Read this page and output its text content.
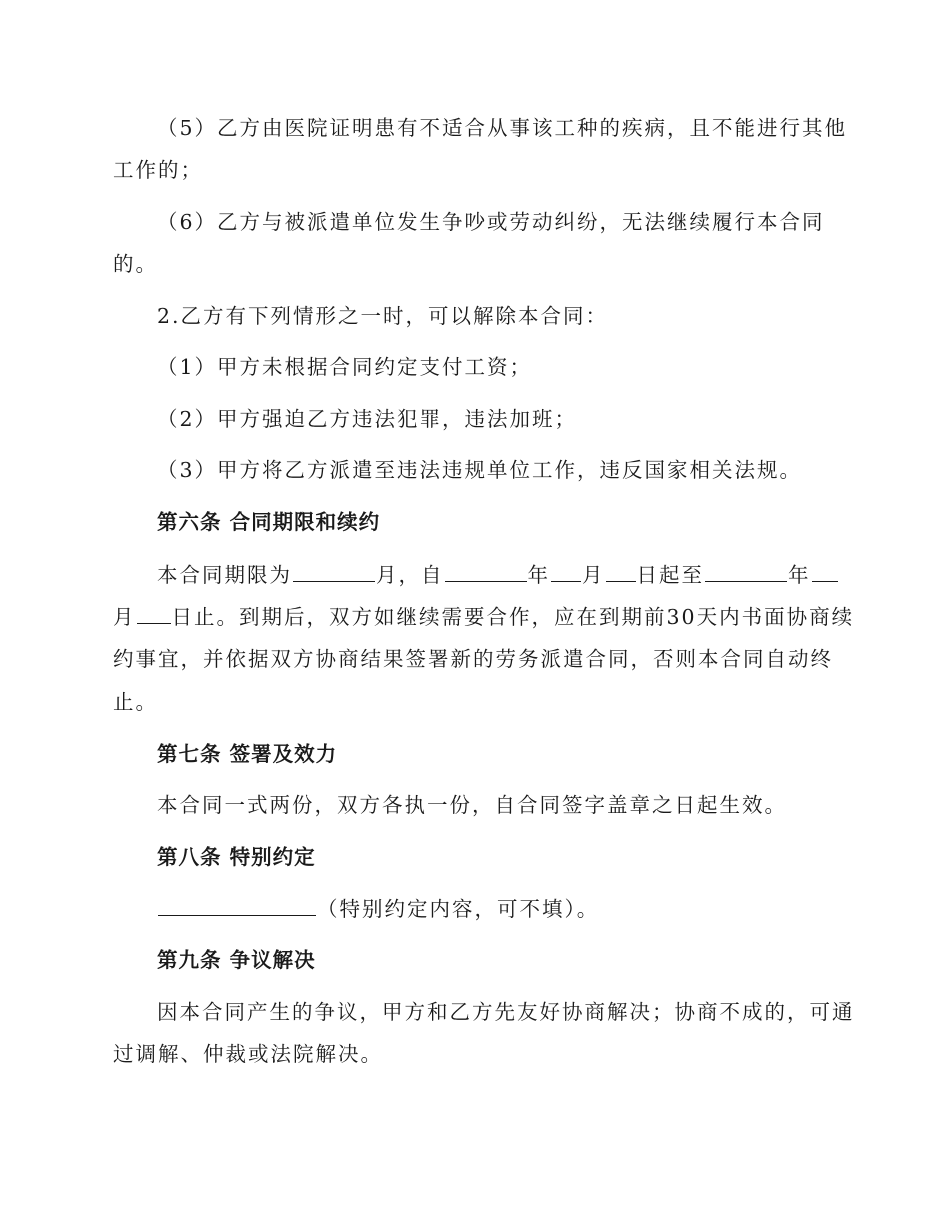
（5）乙方由医院证明患有不适合从事该工种的疾病，且不能进行其他
工作的；
（6）乙方与被派遣单位发生争吵或劳动纠纷，无法继续履行本合同
的。
2.乙方有下列情形之一时，可以解除本合同：
（1）甲方未根据合同约定支付工资；
（2）甲方强迫乙方违法犯罪，违法加班；
（3）甲方将乙方派遣至违法违规单位工作，违反国家相关法规。
第六条 合同期限和续约
本合同期限为	月，自	年 月 日起至	年
月 日止。到期后，双方如继续需要合作，应在到期前30天内书面协商续
约事宜，并依据双方协商结果签署新的劳务派遣合同，否则本合同自动终
止。
第七条 签署及效力
本合同一式两份，双方各执一份，自合同签字盖章之日起生效。
第八条 特别约定
（特别约定内容，可不填）。
第九条 争议解决
因本合同产生的争议，甲方和乙方先友好协商解决；协商不成的，可通
过调解、仲裁或法院解决。
